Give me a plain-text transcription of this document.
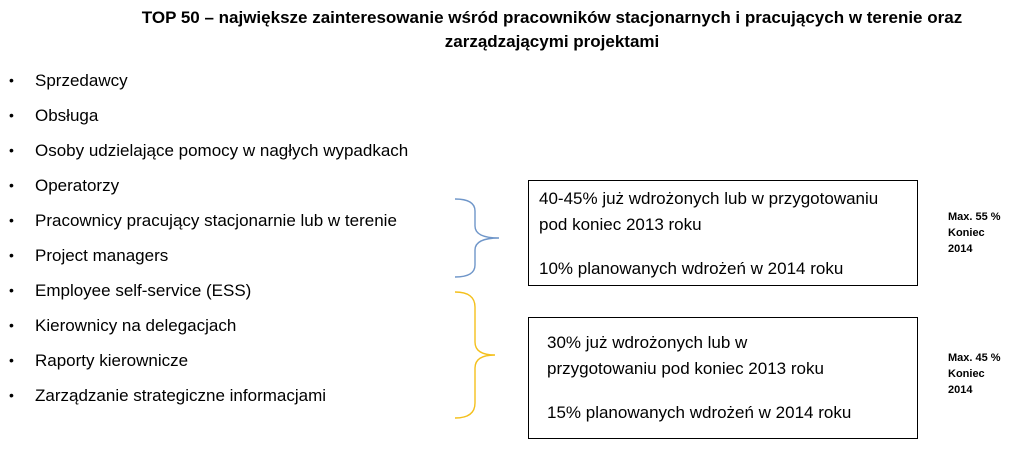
TOP 50 – największe zainteresowanie wśród pracowników stacjonarnych i pracujących w terenie oraz
zarządzającymi projektami
• Sprzedawcy
• Obsługa
• Osoby udzielające pomocy w nagłych wypadkach
• Operatorzy
• Pracownicy pracujący stacjonarnie lub w terenie
• Project managers
• Employee self-service (ESS)
• Kierownicy na delegacjach
• Raporty kierownicze
• Zarządzanie strategiczne informacjami

40-45% już wdrożonych lub w przygotowaniu

pod koniec 2013 roku

10% planowanych wdrożeń w 2014 roku

30% już wdrożonych lub w

przygotowaniu pod koniec 2013 roku

15% planowanych wdrożeń w 2014 roku

Max. 55 %
Koniec
2014
Max. 45 %
Koniec
2014
